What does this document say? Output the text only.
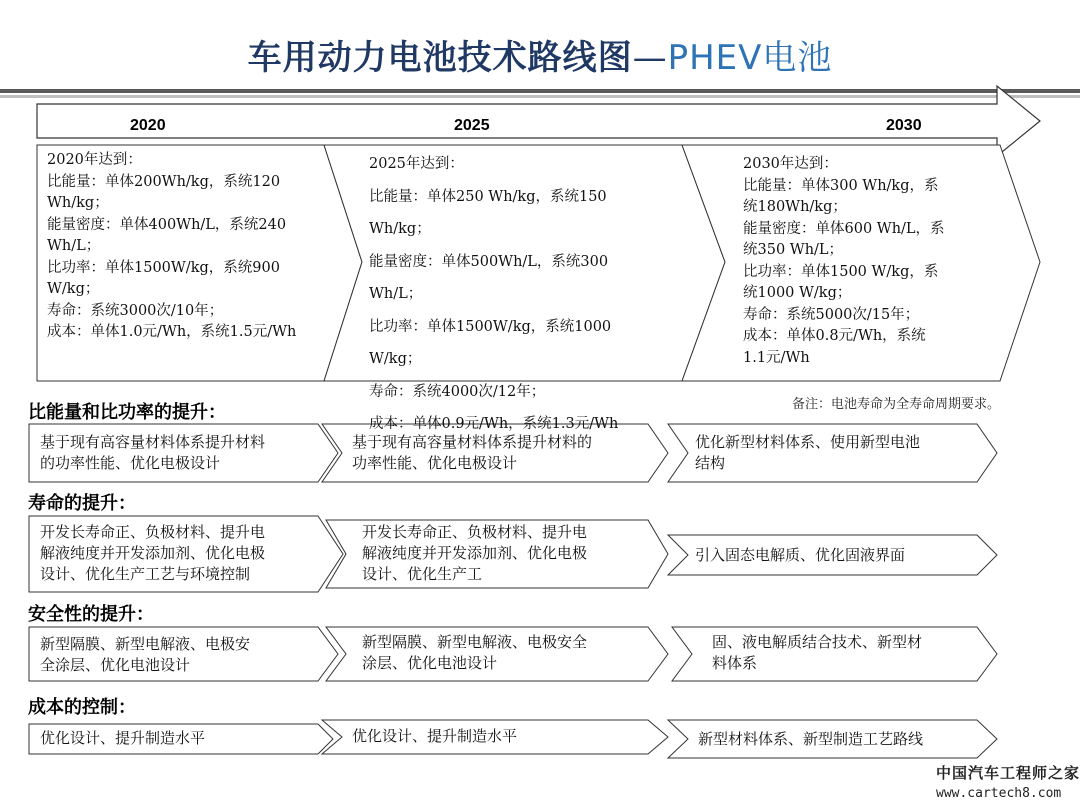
车用动力电池技术路线图—PHEV电池
2020	2025	2030
2020年达到：
比能量：单体200Wh/kg，系统120
Wh/kg；
能量密度：单体400Wh/L，系统240
Wh/L；
比功率：单体1500W/kg，系统900
W/kg；
寿命：系统3000次/10年；
成本：单体1.0元/Wh，系统1.5元/Wh
2025年达到：
比能量：单体250 Wh/kg，系统150
Wh/kg；
能量密度：单体500Wh/L，系统300
Wh/L；
比功率：单体1500W/kg，系统1000
W/kg；
寿命：系统4000次/12年；
成本：单体0.9元/Wh，系统1.3元/Wh
2030年达到：
比能量：单体300 Wh/kg，系
统180Wh/kg；
能量密度：单体600 Wh/L，系
统350 Wh/L；
比功率：单体1500 W/kg，系
统1000 W/kg；
寿命：系统5000次/15年；
成本：单体0.8元/Wh，系统
1.1元/Wh
备注：电池寿命为全寿命周期要求。
比能量和比功率的提升：
基于现有高容量材料体系提升材料
的功率性能、优化电极设计
基于现有高容量材料体系提升材料的
功率性能、优化电极设计
优化新型材料体系、使用新型电池
结构
寿命的提升：
开发长寿命正、负极材料、提升电
解液纯度并开发添加剂、优化电极
设计、优化生产工艺与环境控制
开发长寿命正、负极材料、提升电
解液纯度并开发添加剂、优化电极
设计、优化生产工
引入固态电解质、优化固液界面
安全性的提升：
新型隔膜、新型电解液、电极安
全涂层、优化电池设计
新型隔膜、新型电解液、电极安全
涂层、优化电池设计
固、液电解质结合技术、新型材
料体系
成本的控制：
优化设计、提升制造水平	优化设计、提升制造水平	新型材料体系、新型制造工艺路线
中国汽车工程师之家
www.cartech8.com
